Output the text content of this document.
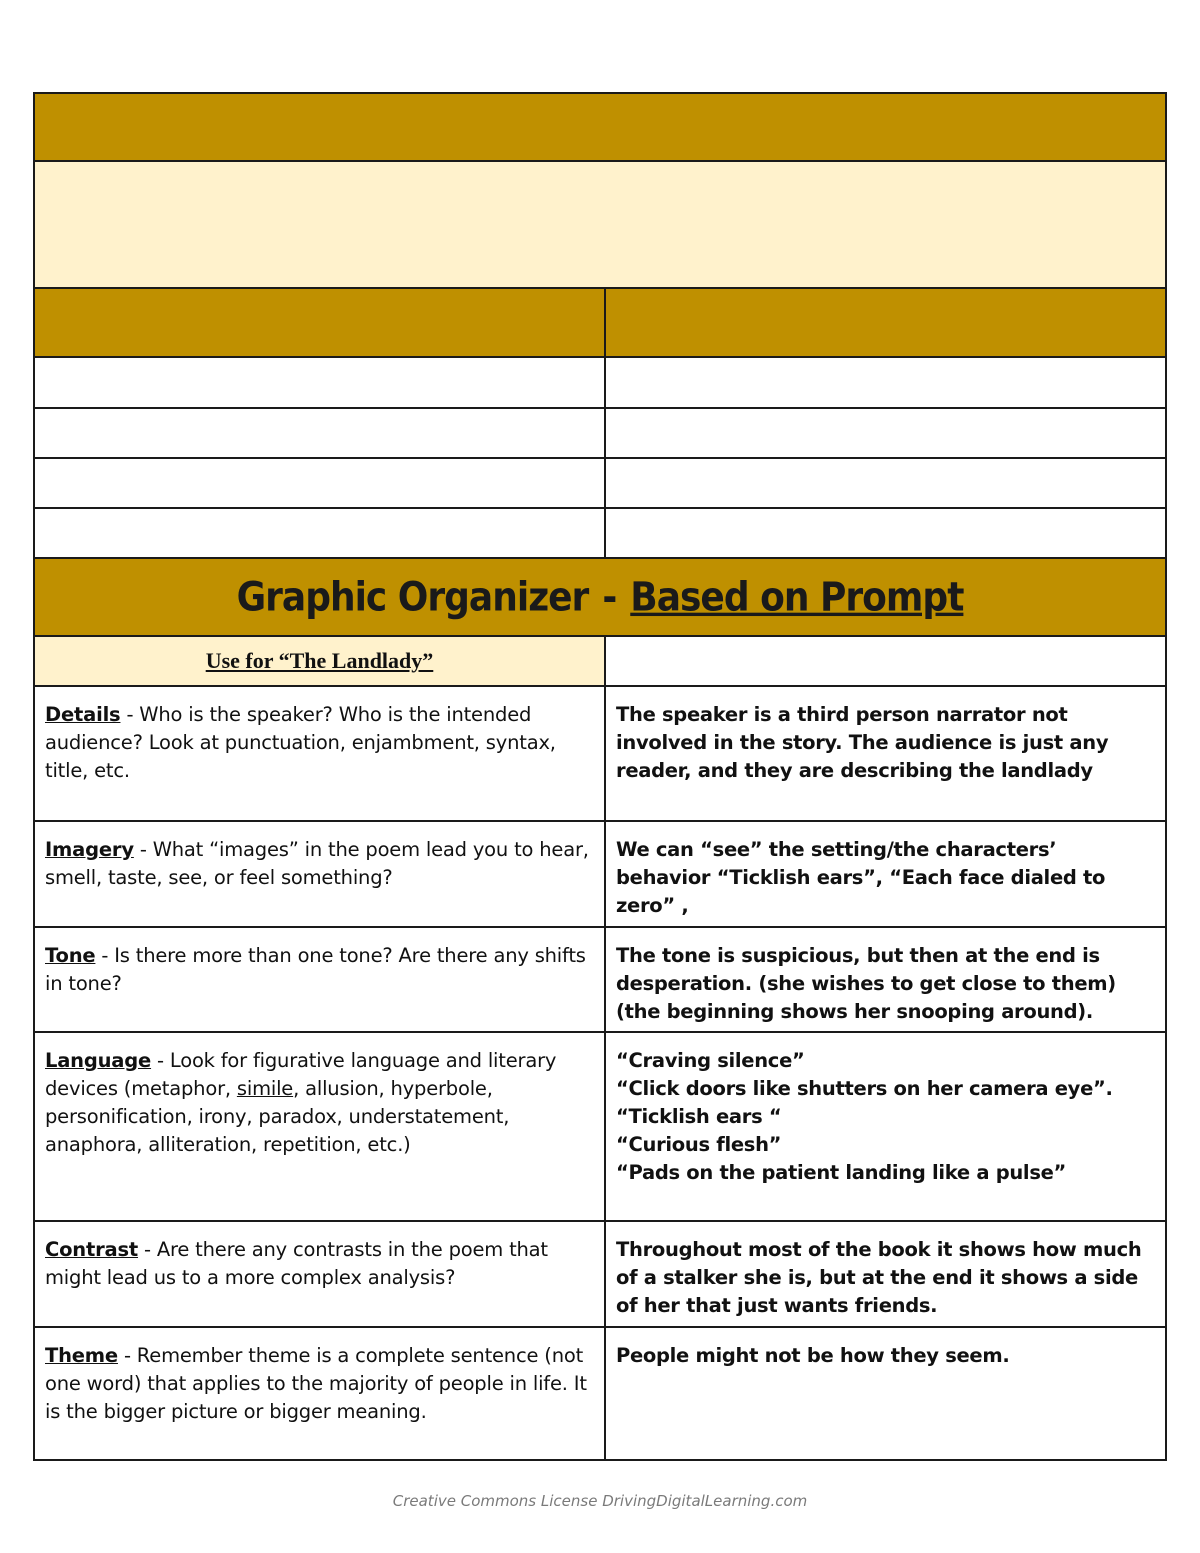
Graphic Organizer - Based on Prompt
Use for “The Landlady”
Details - Who is the speaker? Who is the intended audience? Look at punctuation, enjambment, syntax, title, etc.
The speaker is a third person narrator not involved in the story. The audience is just any reader, and they are describing the landlady
Imagery - What “images” in the poem lead you to hear, smell, taste, see, or feel something?
We can “see” the setting/the characters’ behavior “Ticklish ears”, “Each face dialed to zero” ,
Tone - Is there more than one tone? Are there any shifts in tone?
The tone is suspicious, but then at the end is desperation. (she wishes to get close to them) (the beginning shows her snooping around).
Language - Look for figurative language and literary devices (metaphor, simile, allusion, hyperbole, personification, irony, paradox, understatement, anaphora, alliteration, repetition, etc.)
“Craving silence”
“Click doors like shutters on her camera eye”.
“Ticklish ears “
“Curious flesh”
“Pads on the patient landing like a pulse”
Contrast - Are there any contrasts in the poem that might lead us to a more complex analysis?
Throughout most of the book it shows how much of a stalker she is, but at the end it shows a side of her that just wants friends.
Theme - Remember theme is a complete sentence (not one word) that applies to the majority of people in life. It is the bigger picture or bigger meaning.
People might not be how they seem.
Creative Commons License DrivingDigitalLearning.com
